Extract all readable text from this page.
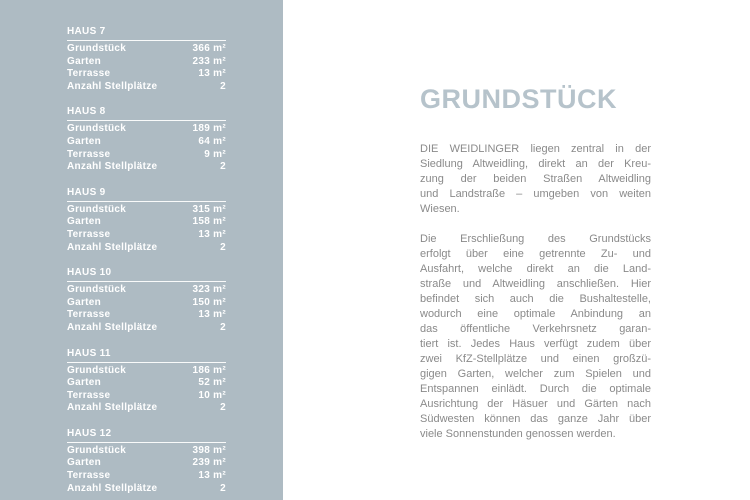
HAUS 7
Grundstück	366 m²
Garten	233 m²
Terrasse	13 m²
Anzahl Stellplätze	2
HAUS 8
Grundstück	189 m²
Garten	64 m²
Terrasse	9 m²
Anzahl Stellplätze	2
HAUS 9
Grundstück	315 m²
Garten	158 m²
Terrasse	13 m²
Anzahl Stellplätze	2
HAUS 10
Grundstück	323 m²
Garten	150 m²
Terrasse	13 m²
Anzahl Stellplätze	2
HAUS 11
Grundstück	186 m²
Garten	52 m²
Terrasse	10 m²
Anzahl Stellplätze	2
HAUS 12
Grundstück	398 m²
Garten	239 m²
Terrasse	13 m²
Anzahl Stellplätze	2
GRUNDSTÜCK
DIE WEIDLINGER liegen zentral in der
Siedlung Altweidling, direkt an der Kreu-
zung der beiden Straßen Altweidling
und Landstraße – umgeben von weiten
Wiesen.
Die Erschließung des Grundstücks
erfolgt über eine getrennte Zu- und
Ausfahrt, welche direkt an die Land-
straße und Altweidling anschließen. Hier
befindet sich auch die Bushaltestelle,
wodurch eine optimale Anbindung an
das öffentliche Verkehrsnetz garan-
tiert ist. Jedes Haus verfügt zudem über
zwei KfZ-Stellplätze und einen großzü-
gigen Garten, welcher zum Spielen und
Entspannen einlädt. Durch die optimale
Ausrichtung der Häsuer und Gärten nach
Südwesten können das ganze Jahr über
viele Sonnenstunden genossen werden.
